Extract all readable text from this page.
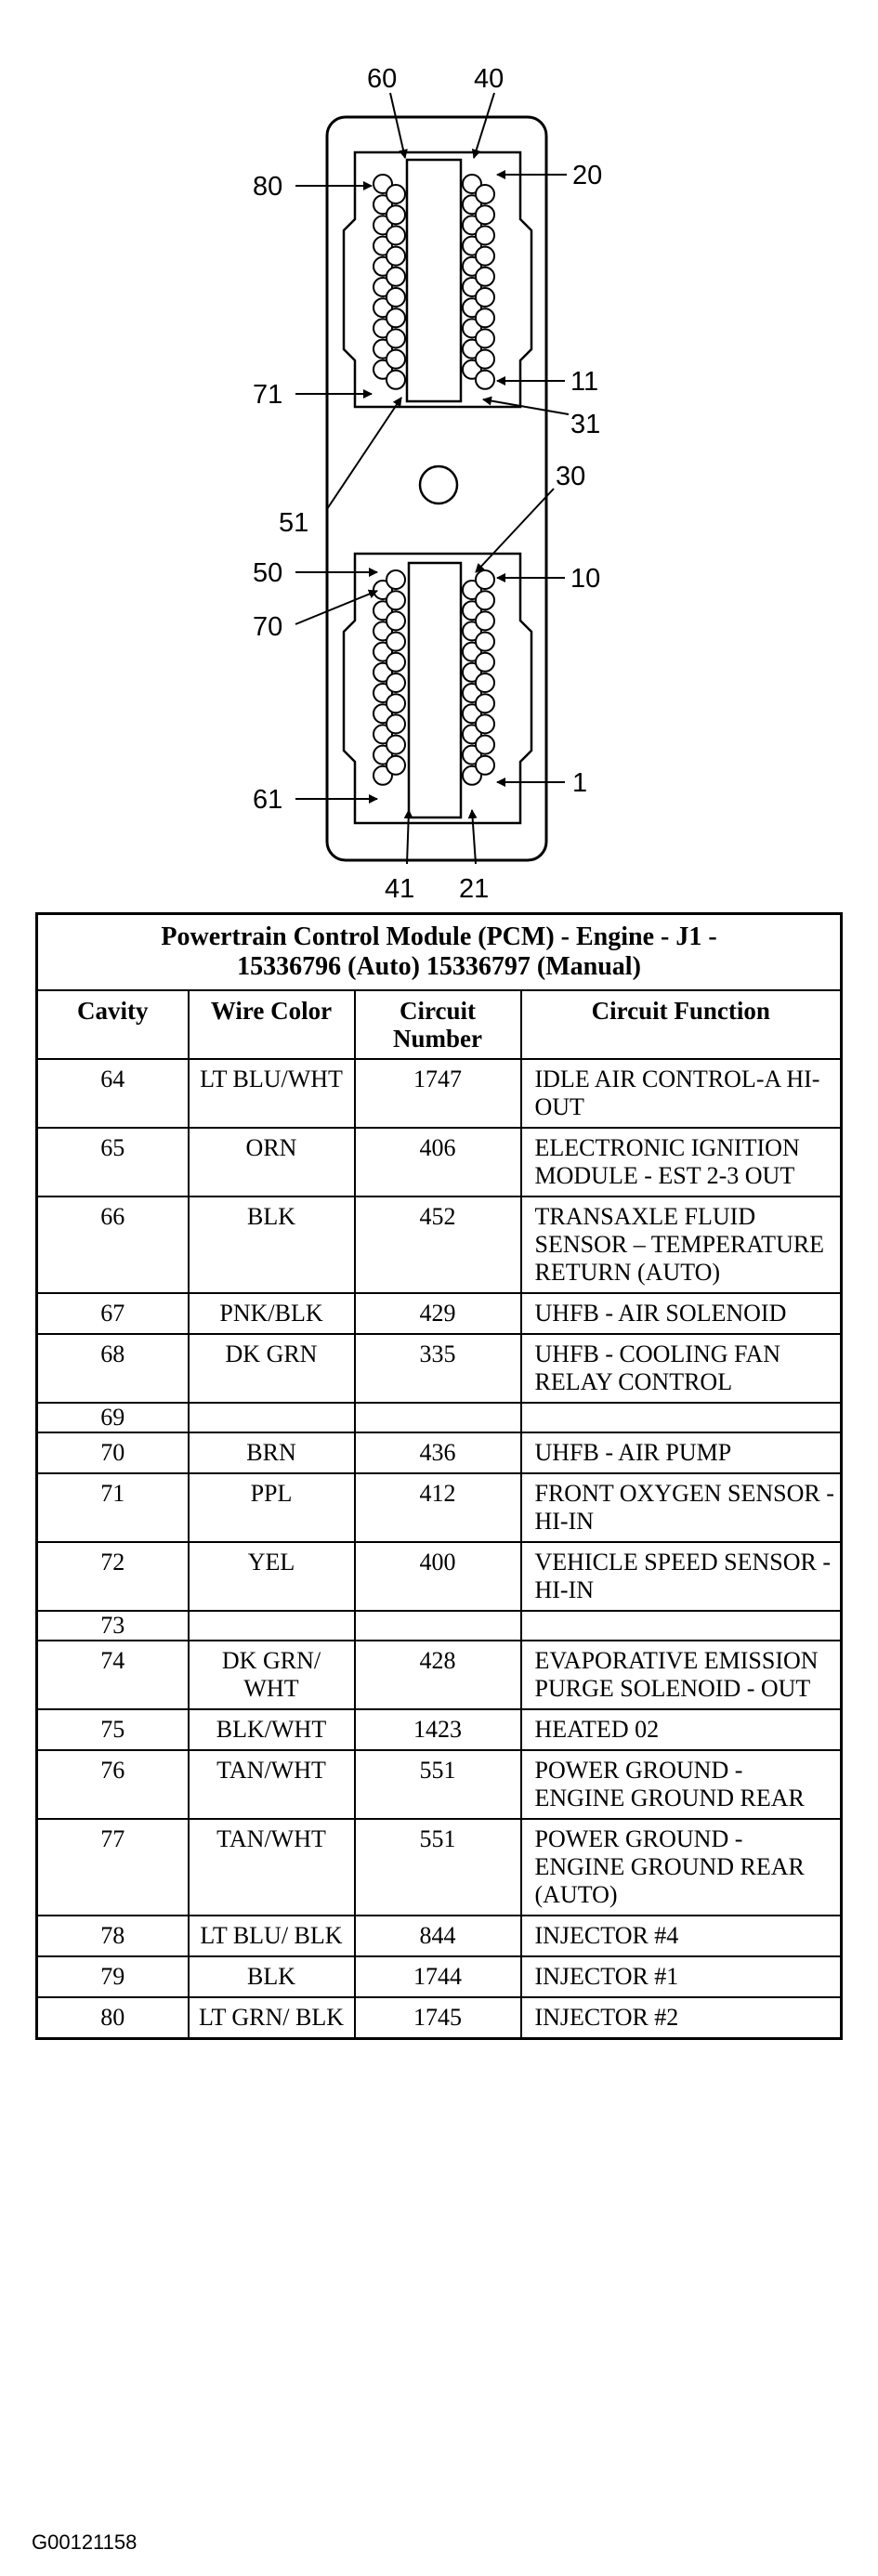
60	40
80	20
11
71
31
51
30
50	10
70
1
61
41 21
Powertrain Control Module (PCM) - Engine - J1 -
15336796 (Auto) 15336797 (Manual)			
Cavity	Wire Color	Circuit Number	Circuit Function
64	LT BLU/WHT	1747	IDLE AIR CONTROL-A HI-OUT
65	ORN	406	ELECTRONIC IGNITION MODULE - EST 2-3 OUT
66	BLK	452	TRANSAXLE FLUID SENSOR – TEMPERATURE RETURN (AUTO)
67	PNK/BLK	429	UHFB - AIR SOLENOID
68	DK GRN	335	UHFB - COOLING FAN RELAY CONTROL
69			
70	BRN	436	UHFB - AIR PUMP
71	PPL	412	FRONT OXYGEN SENSOR - HI-IN
72	YEL	400	VEHICLE SPEED SENSOR - HI-IN
73			
74	DK GRN/ WHT	428	EVAPORATIVE EMISSION PURGE SOLENOID - OUT
75	BLK/WHT	1423	HEATED 02
76	TAN/WHT	551	POWER GROUND - ENGINE GROUND REAR
77	TAN/WHT	551	POWER GROUND - ENGINE GROUND REAR (AUTO)
78	LT BLU/ BLK	844	INJECTOR #4
79	BLK	1744	INJECTOR #1
80	LT GRN/ BLK	1745	INJECTOR #2
G00121158
